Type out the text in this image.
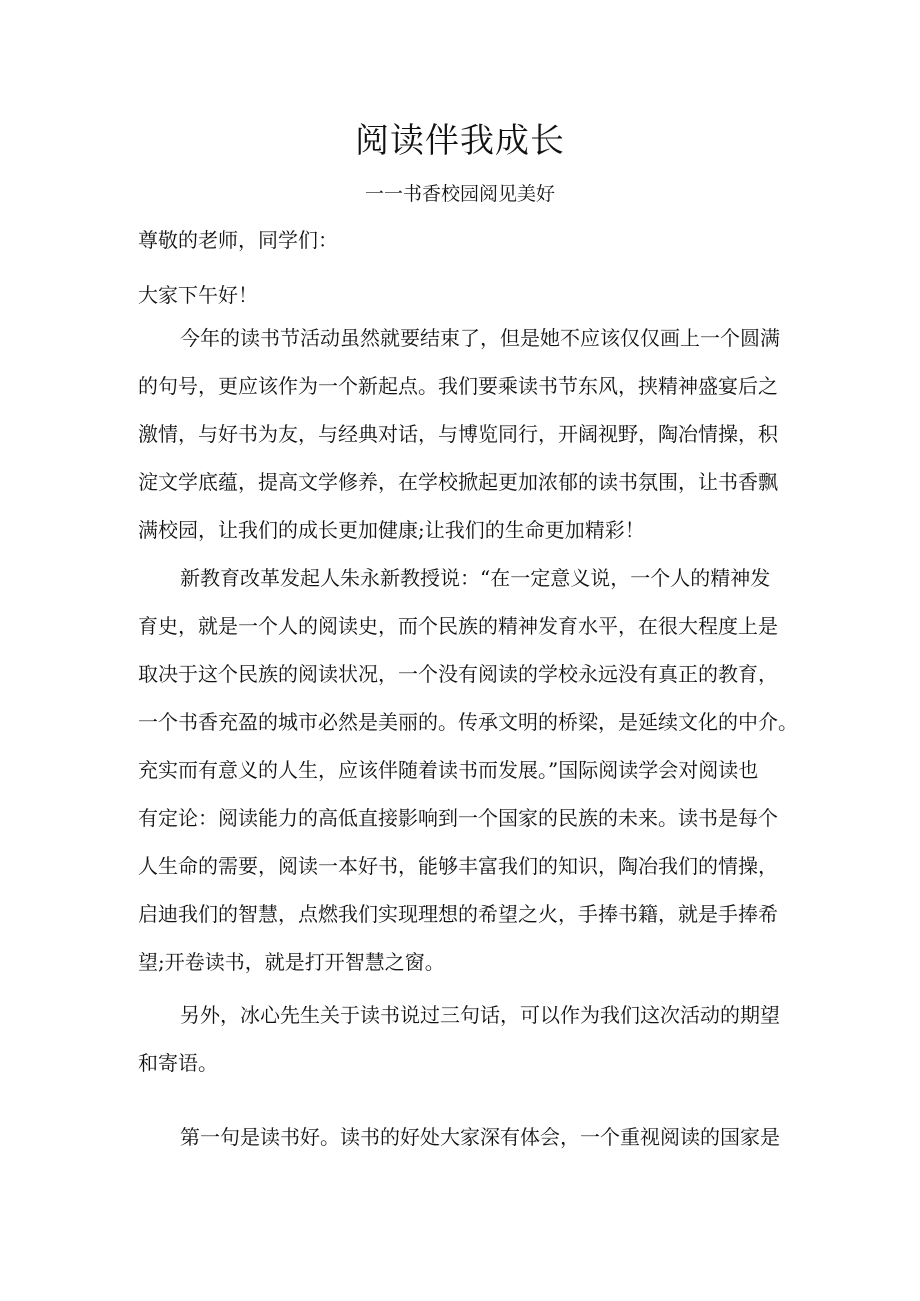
阅读伴我成长
一一书香校园阅见美好
尊敬的老师，同学们：
大家下午好！
今年的读书节活动虽然就要结束了，但是她不应该仅仅画上一个圆满
的句号，更应该作为一个新起点。我们要乘读书节东风，挟精神盛宴后之
激情，与好书为友，与经典对话，与博览同行，开阔视野，陶冶情操，积
淀文学底蕴，提高文学修养，在学校掀起更加浓郁的读书氛围，让书香飘
满校园，让我们的成长更加健康;让我们的生命更加精彩！
新教育改革发起人朱永新教授说：“在一定意义说，一个人的精神发
育史，就是一个人的阅读史，而个民族的精神发育水平，在很大程度上是
取决于这个民族的阅读状况，一个没有阅读的学校永远没有真正的教育，
一个书香充盈的城市必然是美丽的。传承文明的桥梁，是延续文化的中介。
充实而有意义的人生，应该伴随着读书而发展。”国际阅读学会对阅读也
有定论：阅读能力的高低直接影响到一个国家的民族的未来。读书是每个
人生命的需要，阅读一本好书，能够丰富我们的知识，陶冶我们的情操，
启迪我们的智慧，点燃我们实现理想的希望之火，手捧书籍，就是手捧希
望;开卷读书，就是打开智慧之窗。
另外，冰心先生关于读书说过三句话，可以作为我们这次活动的期望
和寄语。
第一句是读书好。读书的好处大家深有体会，一个重视阅读的国家是
